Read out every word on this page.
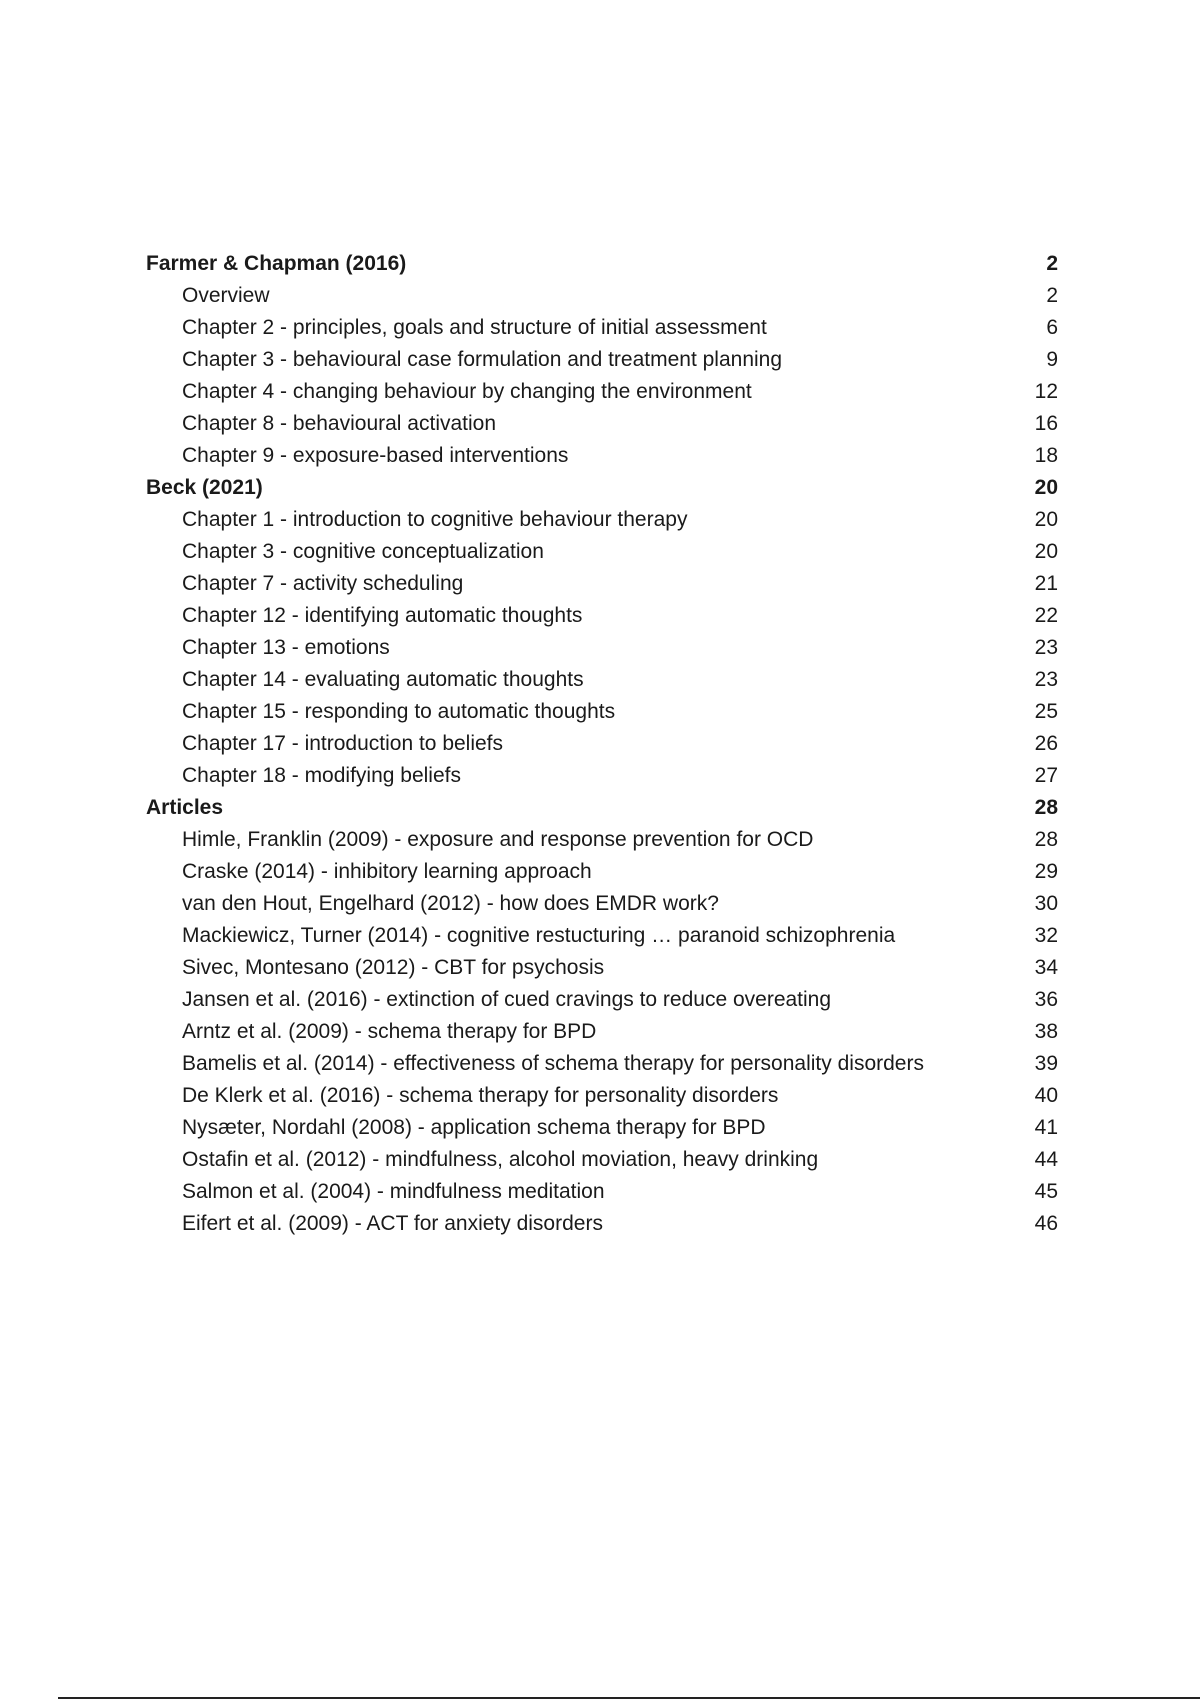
Farmer & Chapman (2016)	2
Overview	2
Chapter 2 - principles, goals and structure of initial assessment	6
Chapter 3 - behavioural case formulation and treatment planning	9
Chapter 4 - changing behaviour by changing the environment	12
Chapter 8 - behavioural activation	16
Chapter 9 - exposure-based interventions	18
Beck (2021)	20
Chapter 1 - introduction to cognitive behaviour therapy	20
Chapter 3 - cognitive conceptualization	20
Chapter 7 - activity scheduling	21
Chapter 12 - identifying automatic thoughts	22
Chapter 13 - emotions	23
Chapter 14 - evaluating automatic thoughts	23
Chapter 15 - responding to automatic thoughts	25
Chapter 17 - introduction to beliefs	26
Chapter 18 - modifying beliefs	27
Articles	28
Himle, Franklin (2009) - exposure and response prevention for OCD	28
Craske (2014) - inhibitory learning approach	29
van den Hout, Engelhard (2012) - how does EMDR work?	30
Mackiewicz, Turner (2014) - cognitive restucturing … paranoid schizophrenia	32
Sivec, Montesano (2012) - CBT for psychosis	34
Jansen et al. (2016) - extinction of cued cravings to reduce overeating	36
Arntz et al. (2009) - schema therapy for BPD	38
Bamelis et al. (2014) - effectiveness of schema therapy for personality disorders	39
De Klerk et al. (2016) - schema therapy for personality disorders	40
Nysæter, Nordahl (2008) - application schema therapy for BPD	41
Ostafin et al. (2012) - mindfulness, alcohol moviation, heavy drinking	44
Salmon et al. (2004) - mindfulness meditation	45
Eifert et al. (2009) - ACT for anxiety disorders	46
